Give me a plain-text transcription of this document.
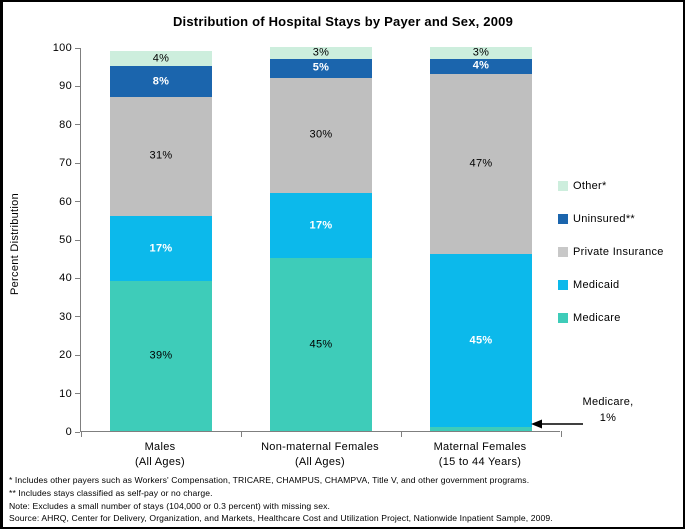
Distribution of Hospital Stays by Payer and Sex, 2009
Percent Distribution
0
10
20
30
40
50
60
70
80
90
100
39%
17%
31%
8%
4%
45%
17%
30%
5%
3%
45%
47%
4%
3%
Males
(All Ages)
Non-maternal Females
(All Ages)
Maternal Females
(15 to 44 Years)
Other*
Uninsured**
Private Insurance
Medicaid
Medicare
Medicare,
1%
* Includes other payers such as Workers' Compensation, TRICARE, CHAMPUS, CHAMPVA, Title V, and other government programs.
** Includes stays classified as self-pay or no charge.
Note: Excludes a small number of stays (104,000 or 0.3 percent) with missing sex.
Source: AHRQ, Center for Delivery, Organization, and Markets, Healthcare Cost and Utilization Project, Nationwide Inpatient Sample, 2009.
